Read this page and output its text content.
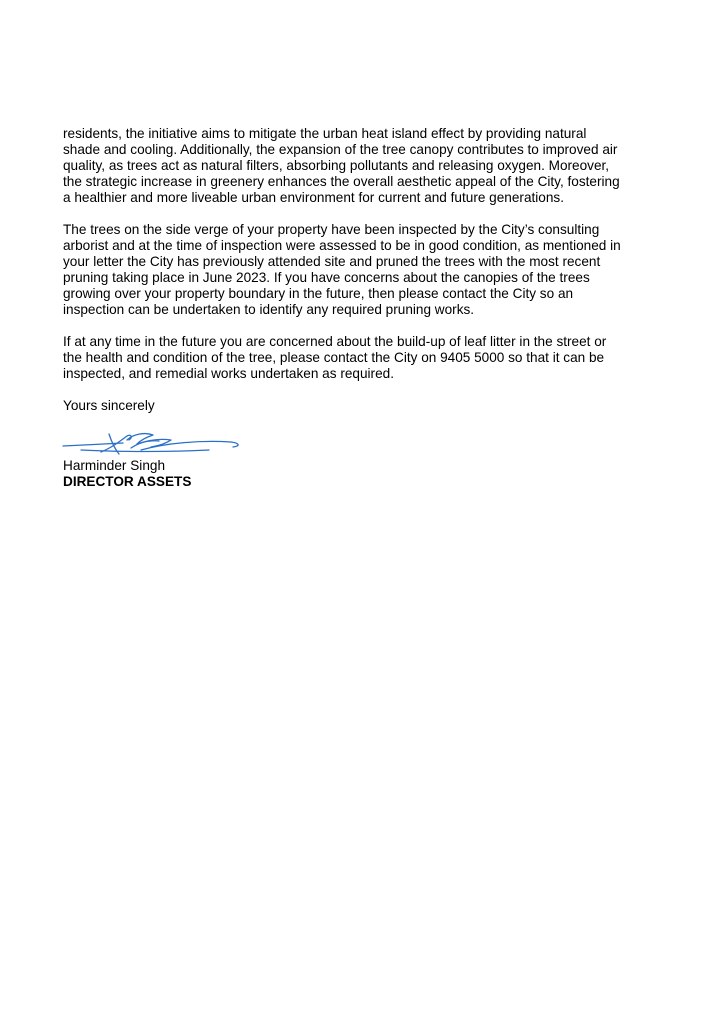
residents, the initiative aims to mitigate the urban heat island effect by providing natural
shade and cooling. Additionally, the expansion of the tree canopy contributes to improved air
quality, as trees act as natural filters, absorbing pollutants and releasing oxygen. Moreover,
the strategic increase in greenery enhances the overall aesthetic appeal of the City, fostering
a healthier and more liveable urban environment for current and future generations.

The trees on the side verge of your property have been inspected by the City’s consulting
arborist and at the time of inspection were assessed to be in good condition, as mentioned in
your letter the City has previously attended site and pruned the trees with the most recent
pruning taking place in June 2023. If you have concerns about the canopies of the trees
growing over your property boundary in the future, then please contact the City so an
inspection can be undertaken to identify any required pruning works.

If at any time in the future you are concerned about the build-up of leaf litter in the street or
the health and condition of the tree, please contact the City on 9405 5000 so that it can be
inspected, and remedial works undertaken as required.

Yours sincerely

Harminder Singh

DIRECTOR ASSETS
